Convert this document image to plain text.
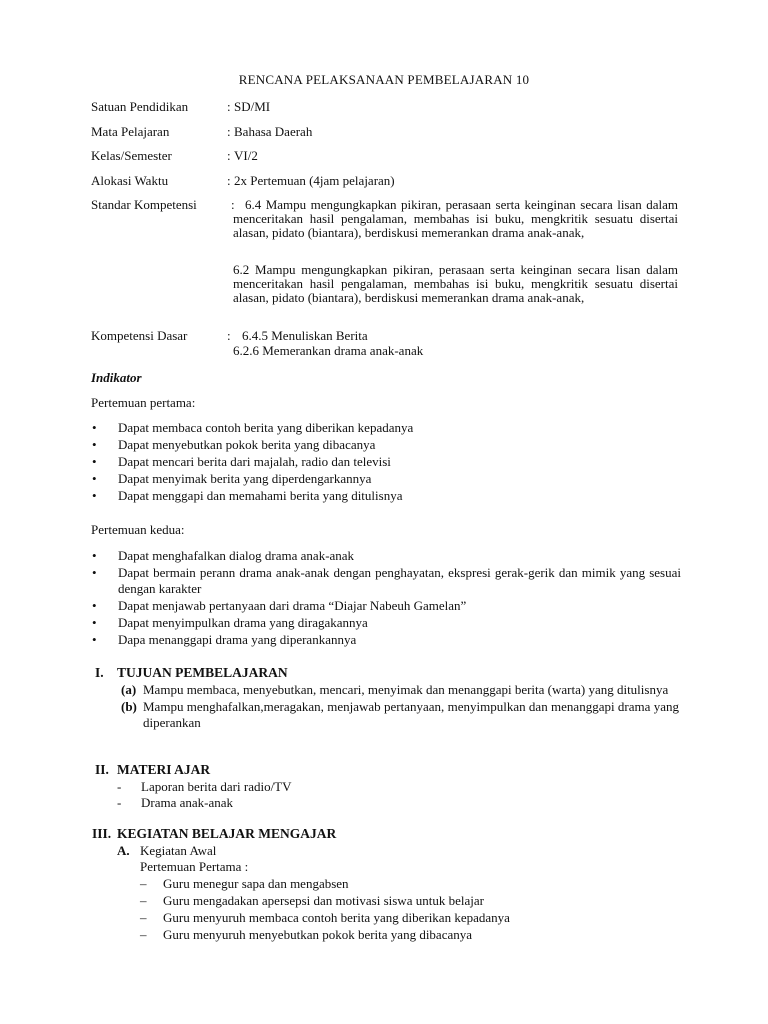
RENCANA PELAKSANAAN PEMBELAJARAN 10
Satuan Pendidikan	: SD/MI
Mata Pelajaran	: Bahasa Daerah
Kelas/Semester	: VI/2
Alokasi Waktu	: 2x Pertemuan (4jam pelajaran)
Standar Kompetensi	: 6.4 Mampu mengungkapkan pikiran, perasaan serta keinginan secara lisan dalam menceritakan hasil pengalaman, membahas isi buku, mengkritik sesuatu disertai alasan, pidato (biantara), berdiskusi memerankan drama anak-anak,
6.2 Mampu mengungkapkan pikiran, perasaan serta keinginan secara lisan dalam menceritakan hasil pengalaman, membahas isi buku, mengkritik sesuatu disertai alasan, pidato (biantara), berdiskusi memerankan drama anak-anak,
Kompetensi Dasar	: 6.4.5 Menuliskan Berita
6.2.6 Memerankan drama anak-anak
Indikator
Pertemuan pertama:
• Dapat membaca contoh berita yang diberikan kepadanya
• Dapat menyebutkan pokok berita yang dibacanya
• Dapat mencari berita dari majalah, radio dan televisi
• Dapat menyimak berita yang diperdengarkannya
• Dapat menggapi dan memahami berita yang ditulisnya
Pertemuan kedua:
• Dapat menghafalkan dialog drama anak-anak
• Dapat bermain perann drama anak-anak dengan penghayatan, ekspresi gerak-gerik dan mimik yang sesuai dengan karakter
• Dapat menjawab pertanyaan dari drama “Diajar Nabeuh Gamelan”
• Dapat menyimpulkan drama yang diragakannya
• Dapa menanggapi drama yang diperankannya
I. TUJUAN PEMBELAJARAN
(a) Mampu membaca, menyebutkan, mencari, menyimak dan menanggapi berita (warta) yang ditulisnya
(b) Mampu menghafalkan,meragakan, menjawab pertanyaan, menyimpulkan dan menanggapi drama yang diperankan
II. MATERI AJAR
- Laporan berita dari radio/TV
- Drama anak-anak
III. KEGIATAN BELAJAR MENGAJAR
A. Kegiatan Awal
Pertemuan Pertama :
– Guru menegur sapa dan mengabsen
– Guru mengadakan apersepsi dan motivasi siswa untuk belajar
– Guru menyuruh membaca contoh berita yang diberikan kepadanya
– Guru menyuruh menyebutkan pokok berita yang dibacanya
